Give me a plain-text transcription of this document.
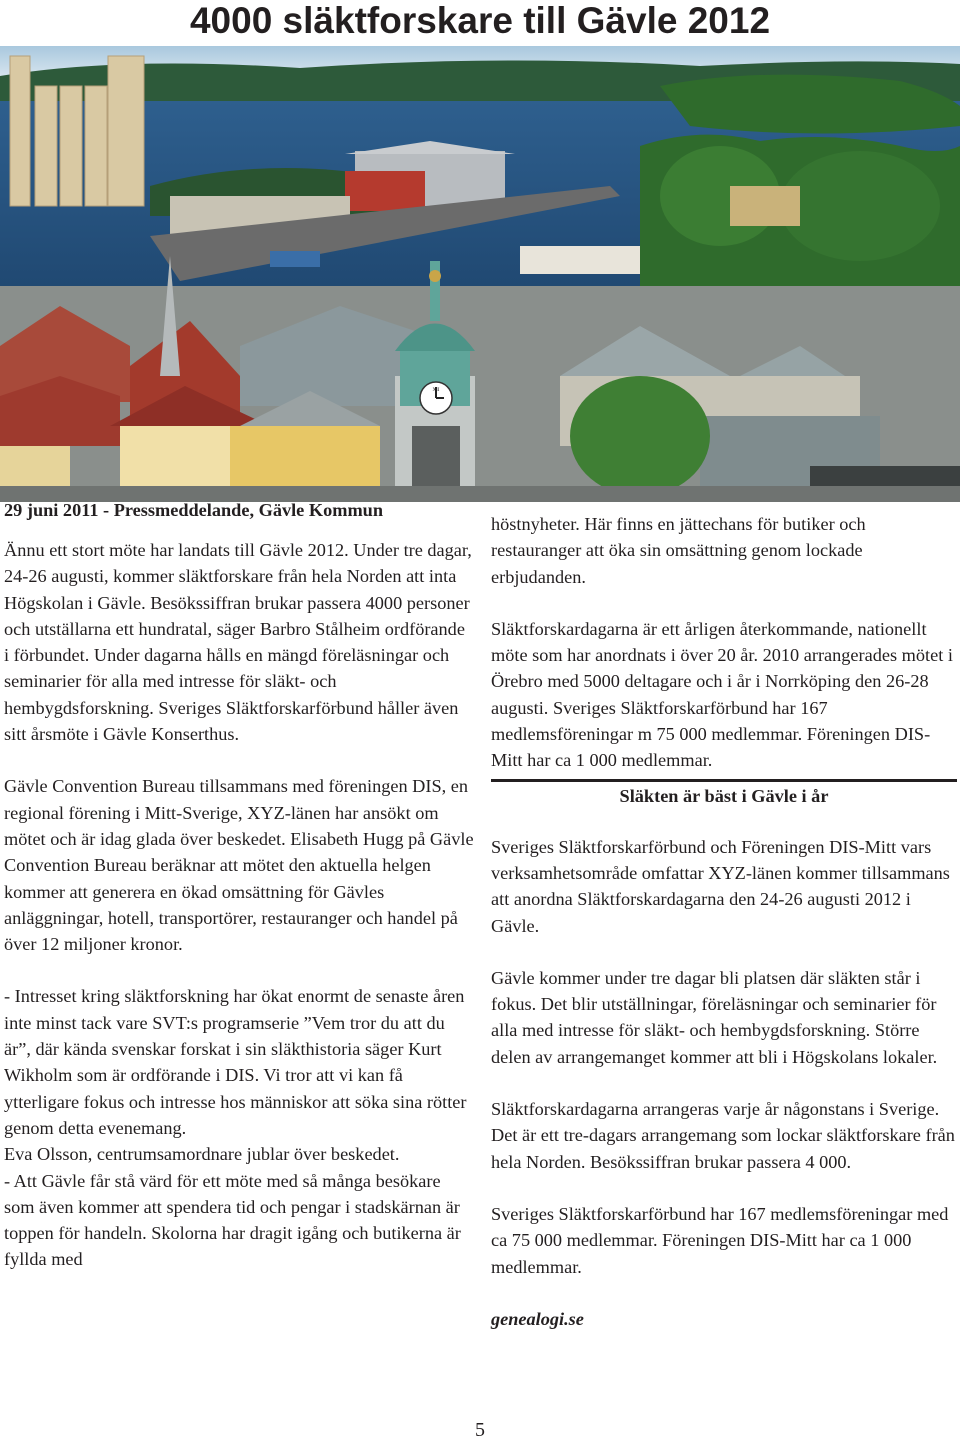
4000 släktforskare till Gävle 2012
XII

29 juni 2011 - Pressmeddelande, Gävle Kommun

Ännu ett stort möte har landats till Gävle 2012. Under tre dagar, 24-26 augusti, kommer släktforskare från hela Norden att inta Högskolan i Gävle. Besökssiffran brukar passera 4000 personer och utställarna ett hundratal, säger Barbro Stålheim ordförande i förbundet. Under dagarna hålls en mängd föreläsningar och seminarier för alla med intresse för släkt- och hembygdsforskning. Sveriges Släktforskarförbund håller även sitt årsmöte i Gävle Konserthus.

Gävle Convention Bureau tillsammans med föreningen DIS, en regional förening i Mitt-Sverige, XYZ-länen har ansökt om mötet och är idag glada över beskedet. Elisabeth Hugg på Gävle Convention Bureau beräknar att mötet den aktuella helgen kommer att generera en ökad omsättning för Gävles anläggningar, hotell, transportörer, restauranger och handel på över 12 miljoner kronor.

- Intresset kring släktforskning har ökat enormt de senaste åren inte minst tack vare SVT:s programserie ”Vem tror du att du är”, där kända svenskar forskat i sin släkthistoria säger Kurt Wikholm som är ordförande i DIS. Vi tror att vi kan få ytterligare fokus och intresse hos människor att söka sina rötter genom detta evenemang.

Eva Olsson, centrumsamordnare jublar över beskedet.

- Att Gävle får stå värd för ett möte med så många besökare som även kommer att spendera tid och pengar i stadskärnan är toppen för handeln. Skolorna har dragit igång och butikerna är fyllda med

höstnyheter. Här finns en jättechans för butiker och restauranger att öka sin omsättning genom lockade erbjudanden.

Släktforskardagarna är ett årligen återkommande, nationellt möte som har anordnats i över 20 år. 2010 arrangerades mötet i Örebro med 5000 deltagare och i år i Norrköping den 26-28 augusti. Sveriges Släktforskarförbund har 167 medlemsföreningar m 75 000 medlemmar. Föreningen DIS-Mitt har ca 1 000 medlemmar.

Släkten är bäst i Gävle i år

Sveriges Släktforskarförbund och Föreningen DIS-Mitt vars verksamhetsområde omfattar XYZ-länen kommer tillsammans att anordna Släktforskardagarna den 24-26 augusti 2012 i Gävle.

Gävle kommer under tre dagar bli platsen där släkten står i fokus. Det blir utställningar, föreläsningar och seminarier för alla med intresse för släkt- och hembygdsforskning. Större delen av arrangemanget kommer att bli i Högskolans lokaler.

Släktforskardagarna arrangeras varje år någonstans i Sverige. Det är ett tre-dagars arrangemang som lockar släktforskare från hela Norden. Besökssiffran brukar passera 4 000.

Sveriges Släktforskarförbund har 167 medlemsföreningar med ca 75 000 medlemmar. Föreningen DIS-Mitt har ca 1 000 medlemmar.

genealogi.se

5
